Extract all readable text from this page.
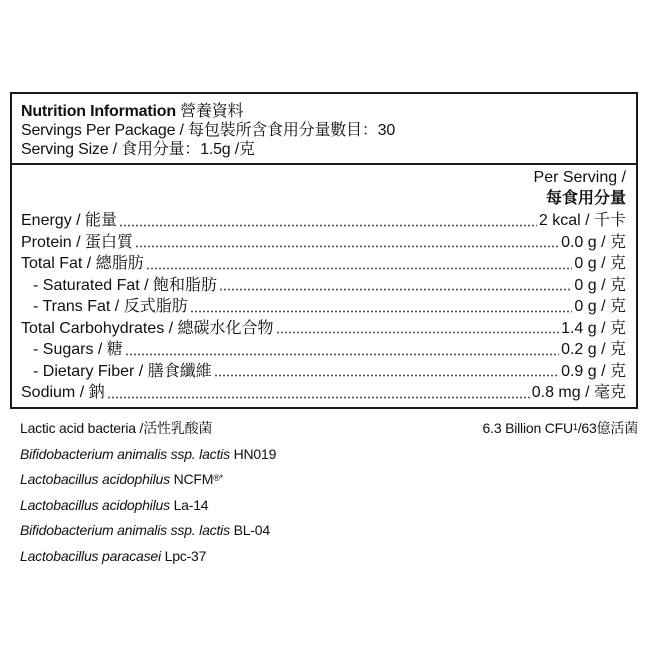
Nutrition Information 營養資料
Servings Per Package / 每包裝所含食用分量數目：30
Serving Size / 食用分量：1.5g /克
Per Serving /
每食用分量
Energy / 能量	2 kcal / 千卡
Protein / 蛋白質	0.0 g / 克
Total Fat / 總脂肪	0 g / 克
- Saturated Fat / 飽和脂肪	0 g / 克
- Trans Fat / 反式脂肪	0 g / 克
Total Carbohydrates / 總碳水化合物	1.4 g / 克
- Sugars / 糖	0.2 g / 克
- Dietary Fiber / 膳食纖維	0.9 g / 克
Sodium / 鈉	0.8 mg / 毫克
Lactic acid bacteria /活性乳酸菌	6.3 Billion CFU$^1$/63億活菌
Bifidobacterium animalis ssp. lactis HN019
Lactobacillus acidophilus NCFM®*
Lactobacillus acidophilus La-14
Bifidobacterium animalis ssp. lactis BL-04
Lactobacillus paracasei Lpc-37
